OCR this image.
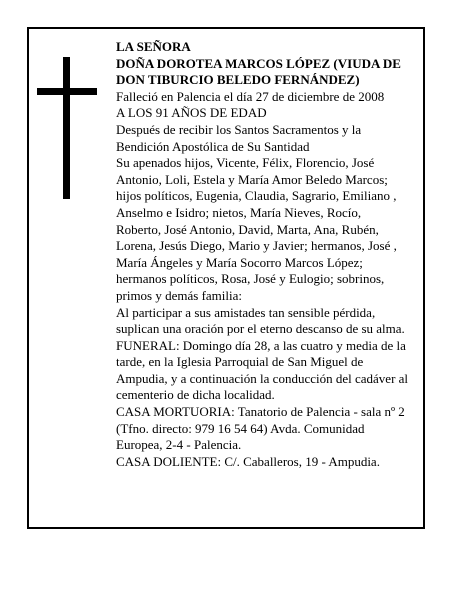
LA SEÑORA
DOÑA DOROTEA MARCOS LÓPEZ (VIUDA DE
DON TIBURCIO BELEDO FERNÁNDEZ)
Falleció en Palencia el día 27 de diciembre de 2008
A LOS 91 AÑOS DE EDAD
Después de recibir los Santos Sacramentos y la
Bendición Apostólica de Su Santidad
Su apenados hijos, Vicente, Félix, Florencio, José
Antonio, Loli, Estela y María Amor Beledo Marcos;
hijos políticos, Eugenia, Claudia, Sagrario, Emiliano ,
Anselmo e Isidro; nietos, María Nieves, Rocío,
Roberto, José Antonio, David, Marta, Ana, Rubén,
Lorena, Jesús Diego, Mario y Javier; hermanos, José ,
María Ángeles y María Socorro Marcos López;
hermanos políticos, Rosa, José y Eulogio; sobrinos,
primos y demás familia:
Al participar a sus amistades tan sensible pérdida,
suplican una oración por el eterno descanso de su alma.
FUNERAL: Domingo día 28, a las cuatro y media de la
tarde, en la Iglesia Parroquial de San Miguel de
Ampudia, y a continuación la conducción del cadáver al
cementerio de dicha localidad.
CASA MORTUORIA: Tanatorio de Palencia - sala nº 2
(Tfno. directo: 979 16 54 64) Avda. Comunidad
Europea, 2-4 - Palencia.
CASA DOLIENTE: C/. Caballeros, 19 - Ampudia.
